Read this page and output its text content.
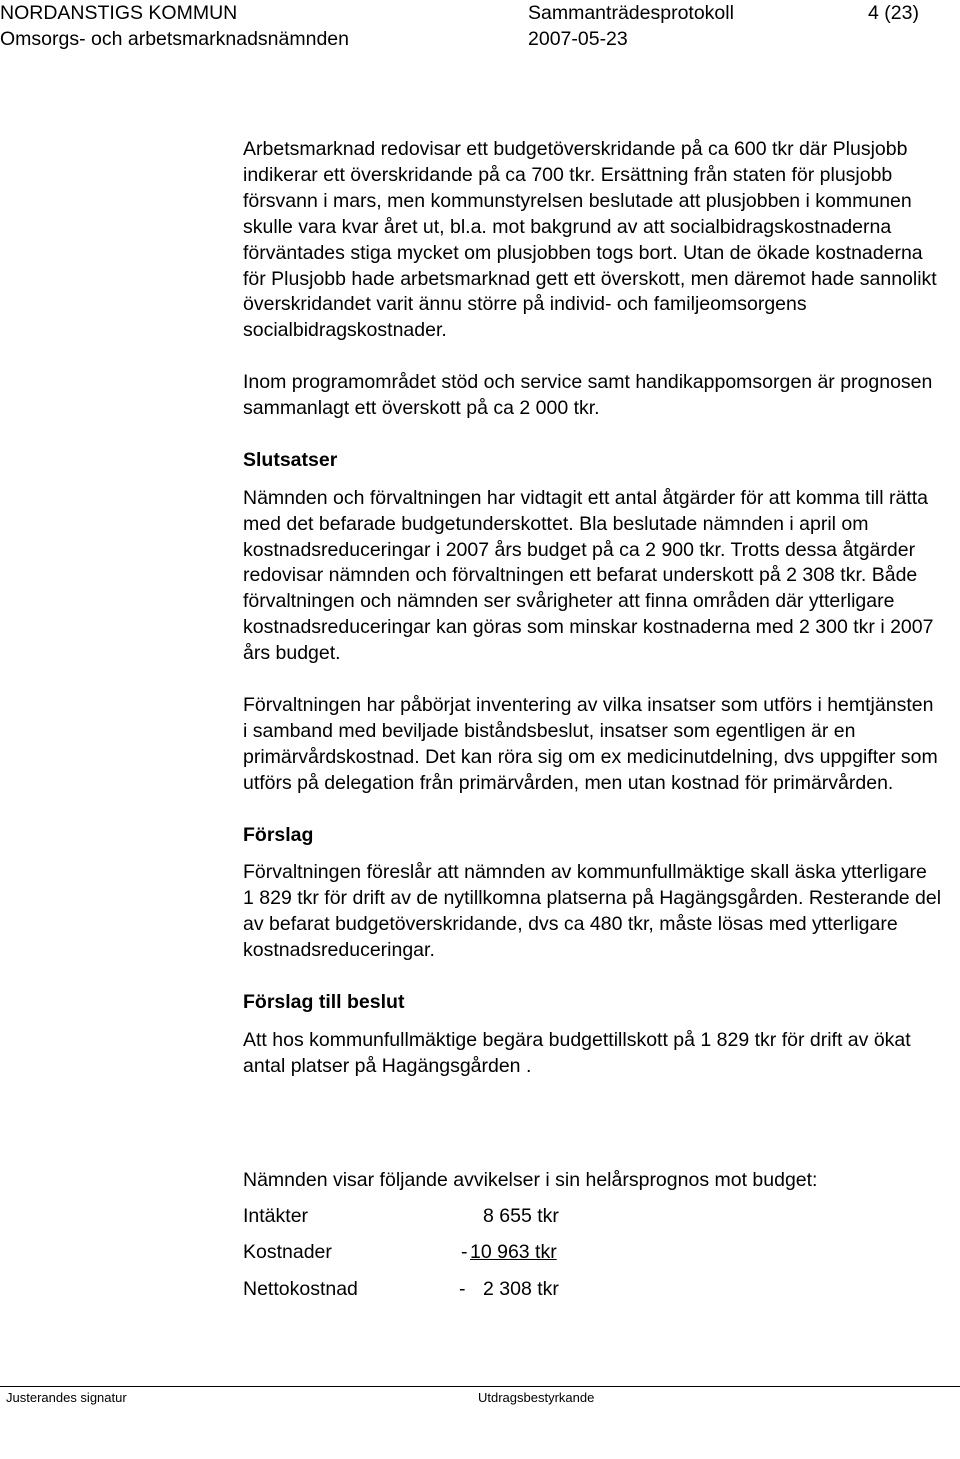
NORDANSTIGS KOMMUN	Sammanträdesprotokoll	4 (23)
Omsorgs- och arbetsmarknadsnämnden	2007-05-23

Arbetsmarknad redovisar ett budgetöverskridande på ca 600 tkr där Plusjobb indikerar ett överskridande på ca 700 tkr. Ersättning från staten för plusjobb försvann i mars, men kommunstyrelsen beslutade att plusjobben i kommunen skulle vara kvar året ut, bl.a. mot bakgrund av att socialbidragskostnaderna förväntades stiga mycket om plusjobben togs bort. Utan de ökade kostnaderna för Plusjobb hade arbetsmarknad gett ett överskott, men däremot hade sannolikt överskridandet varit ännu större på individ- och familjeomsorgens socialbidragskostnader.

Inom programområdet stöd och service samt handikappomsorgen är prognosen sammanlagt ett överskott på ca 2 000 tkr.

Slutsatser

Nämnden och förvaltningen har vidtagit ett antal åtgärder för att komma till rätta med det befarade budgetunderskottet. Bla beslutade nämnden i april om kostnadsreduceringar i 2007 års budget på ca 2 900 tkr. Trotts dessa åtgärder redovisar nämnden och förvaltningen ett befarat underskott på 2 308 tkr. Både förvaltningen och nämnden ser svårigheter att finna områden där ytterligare kostnadsreduceringar kan göras som minskar kostnaderna med 2 300 tkr i 2007 års budget.

Förvaltningen har påbörjat inventering av vilka insatser som utförs i hemtjänsten i samband med beviljade biståndsbeslut, insatser som egentligen är en primärvårdskostnad. Det kan röra sig om ex medicinutdelning, dvs uppgifter som utförs på delegation från primärvården, men utan kostnad för primärvården.

Förslag

Förvaltningen föreslår att nämnden av kommunfullmäktige skall äska ytterligare 1 829 tkr för drift av de nytillkomna platserna på Hagängsgården. Resterande del av befarat budgetöverskridande, dvs ca 480 tkr, måste lösas med ytterligare kostnadsreduceringar.

Förslag till beslut

Att hos kommunfullmäktige begära budgettillskott på 1 829 tkr för drift av ökat antal platser på Hagängsgården .

Nämnden visar följande avvikelser i sin helårsprognos mot budget:
Intäkter	8 655 tkr
Kostnader	- 10 963 tkr
Nettokostnad	- 2 308 tkr
Justerandes signatur	Utdragsbestyrkande
